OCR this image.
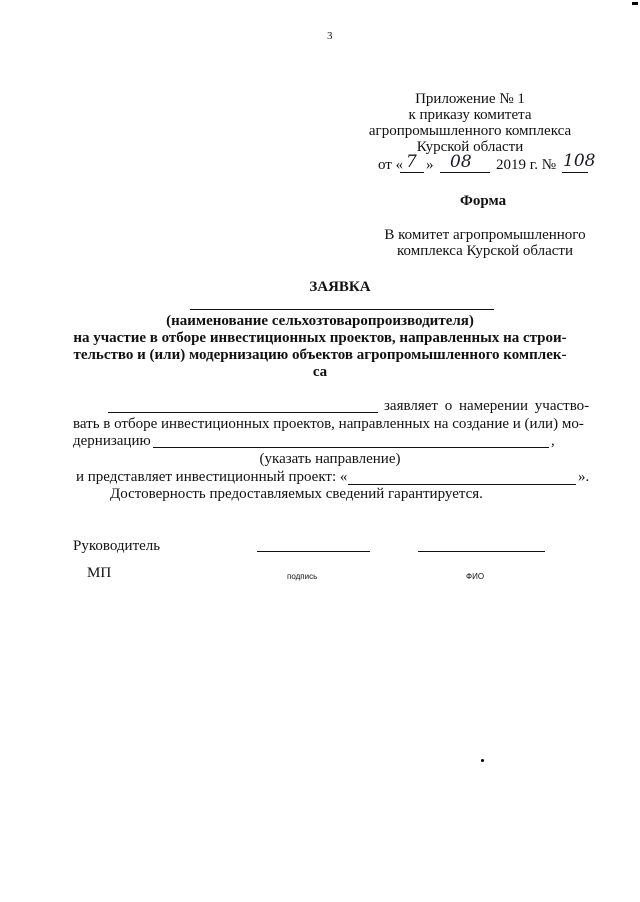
3
Приложение № 1
к приказу комитета
агропромышленного комплекса
Курской области
от « 7 » 08 2019 г. № 108
Форма
В комитет агропромышленного
комплекса Курской области
ЗАЯВКА
(наименование сельхозтоваропроизводителя)
на участие в отборе инвестиционных проектов, направленных на строи-
тельство и (или) модернизацию объектов агропромышленного комплек-
са
заявляет о намерении участво-
вать в отборе инвестиционных проектов, направленных на создание и (или) мо-
дернизацию	,
(указать направление)
и представляет инвестиционный проект: «	».
Достоверность предоставляемых сведений гарантируется.
Руководитель
МП	подпись	ФИО
